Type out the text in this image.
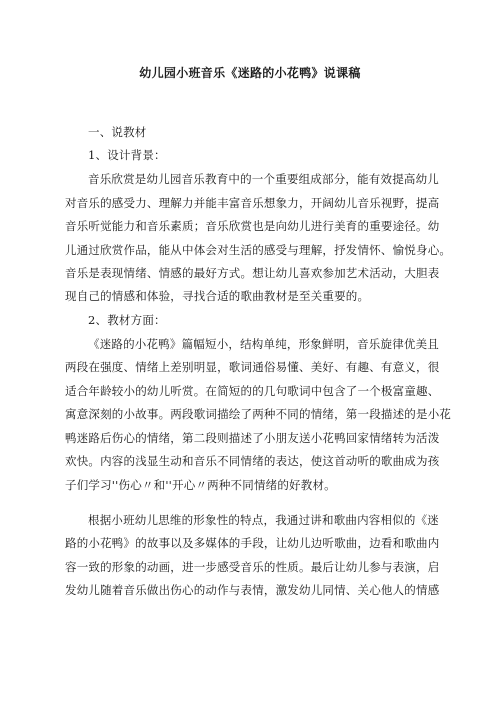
幼儿园小班音乐《迷路的小花鸭》说课稿
一、说教材
1、设计背景：
音乐欣赏是幼儿园音乐教育中的一个重要组成部分，能有效提高幼儿
对音乐的感受力、理解力并能丰富音乐想象力，开阔幼儿音乐视野，提高
音乐听觉能力和音乐素质；音乐欣赏也是向幼儿进行美育的重要途径。幼
儿通过欣赏作品，能从中体会对生活的感受与理解，抒发情怀、愉悦身心。
音乐是表现情绪、情感的最好方式。想让幼儿喜欢参加艺术活动，大胆表
现自己的情感和体验，寻找合适的歌曲教材是至关重要的。
2、教材方面：
《迷路的小花鸭》篇幅短小，结构单纯，形象鲜明，音乐旋律优美且
两段在强度、情绪上差别明显，歌词通俗易懂、美好、有趣、有意义，很
适合年龄较小的幼儿听赏。在简短的的几句歌词中包含了一个极富童趣、
寓意深刻的小故事。两段歌词描绘了两种不同的情绪，第一段描述的是小花
鸭迷路后伤心的情绪，第二段则描述了小朋友送小花鸭回家情绪转为活泼
欢快。内容的浅显生动和音乐不同情绪的表达，使这首动听的歌曲成为孩
子们学习''伤心〃和''开心〃两种不同情绪的好教材。
根据小班幼儿思维的形象性的特点，我通过讲和歌曲内容相似的《迷
路的小花鸭》的故事以及多媒体的手段，让幼儿边听歌曲，边看和歌曲内
容一致的形象的动画，进一步感受音乐的性质。最后让幼儿参与表演，启
发幼儿随着音乐做出伤心的动作与表情，激发幼儿同情、关心他人的情感
